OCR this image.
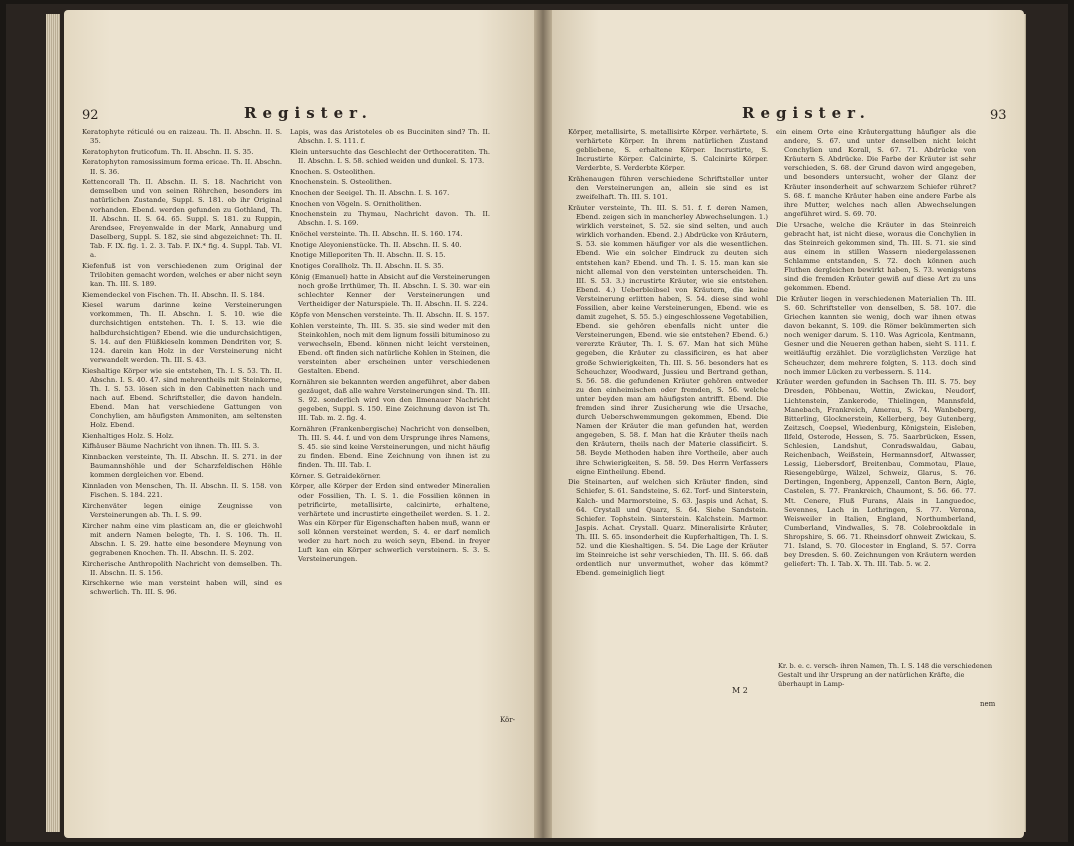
92	Register.

Keratophyte réticulé ou en raizeau. Th. II. Abschn. II. S. 35.

Keratophyton fruticofum. Th. II. Abschn. II. S. 35.

Keratophyton ramosissimum forma ericae. Th. II. Abschn. II. S. 36.

Kettencorall Th. II. Abschn. II. S. 18. Nachricht von demselben und von seinen Röhrchen, besonders im natürlichen Zustande, Suppl. S. 181. ob ihr Original vorhanden. Ebend. werden gefunden zu Gothland, Th. II. Abschn. II. S. 64. 65. Suppl. S. 181. zu Ruppin, Arendsee, Freyenwalde in der Mark, Annaburg und Daselberg, Suppl. S. 182, sie sind abgezeichnet: Th. II. Tab. F. IX. fig. 1. 2. 3. Tab. F. IX.* fig. 4. Suppl. Tab. VI. a.

Kiefenfuß ist von verschiedenen zum Original der Trilobiten gemacht worden, welches er aber nicht seyn kan. Th. III. S. 189.

Kiemendeckel von Fischen. Th. II. Abschn. II. S. 184.

Kiesel warum darinne keine Versteinerungen vorkommen, Th. II. Abschn. I. S. 10. wie die durchsichtigen entstehen. Th. I. S. 13. wie die halbdurchsichtigen? Ebend. wie die undurchsichtigen, S. 14. auf den Flüßkieseln kommen Dendriten vor, S. 124. darein kan Holz in der Versteinerung nicht verwandelt werden. Th. III. S. 43.

Kieshaltige Körper wie sie entstehen, Th. I. S. 53. Th. II. Abschn. I. S. 40. 47. sind mehrentheils mit Steinkerne, Th. I. S. 53. lösen sich in den Cabinetten nach und nach auf. Ebend. Schriftsteller, die davon handeln. Ebend. Man hat verschiedene Gattungen von Conchylien, am häufigsten Ammoniten, am seltensten Holz. Ebend.

Kienhaltiges Holz. S. Holz.

Kifhäuser Bäume Nachricht von ihnen. Th. III. S. 3.

Kinnbacken versteinte, Th. II. Abschn. II. S. 271. in der Baumannshöhle und der Scharzfeldischen Höhle kommen dergleichen vor. Ebend.

Kinnladen von Menschen, Th. II. Abschn. II. S. 158. von Fischen. S. 184. 221.

Kirchenväter legen einige Zeugnisse von Versteinerungen ab. Th. I. S. 99.

Kircher nahm eine vim plasticam an, die er gleichwohl mit andern Namen belegte, Th. I. S. 106. Th. II. Abschn. I. S. 29. hatte eine besondere Meynung von gegrabenen Knochen. Th. II. Abschn. II. S. 202.

Kircherische Anthropolith Nachricht von demselben. Th. II. Abschn. II. S. 156.

Kirschkerne wie man versteint haben will, sind es schwerlich. Th. III. S. 96.

Lapis, was das Aristoteles ob es Bucciniten sind? Th. II. Abschn. I. S. 111. f.

Klein untersuchte das Geschlecht der Orthoceratiten. Th. II. Abschn. I. S. 58. schied weiden und dunkel. S. 173.

Knochen. S. Osteolithen.

Knochenstein. S. Osteolithen.

Knochen der Seeigel. Th. II. Abschn. I. S. 167.

Knochen von Vögeln. S. Ornitholithen.

Knochenstein zu Thymau, Nachricht davon. Th. II. Abschn. I. S. 169.

Knöchel versteinte. Th. II. Abschn. II. S. 160. 174.

Knotige Aleyonienstücke. Th. II. Abschn. II. S. 40.

Knotige Milleporiten Th. II. Abschn. II. S. 15.

Knotiges Corallholz. Th. II. Abschn. II. S. 35.

König (Emanuel) hatte in Absicht auf die Versteinerungen noch große Irrthümer, Th. II. Abschn. I. S. 30. war ein schlechter Kenner der Versteinerungen und Vertheidiger der Naturspiele. Th. II. Abschn. II. S. 224.

Köpfe von Menschen versteinte. Th. II. Abschn. II. S. 157.

Kohlen versteinte, Th. III. S. 35. sie sind weder mit den Steinkohlen, noch mit dem lignum fossili bituminoso zu verwechseln, Ebend. können nicht leicht versteinen, Ebend. oft finden sich natürliche Kohlen in Steinen, die versteinten aber erscheinen unter verschiedenen Gestalten. Ebend.

Kornähren sie bekannten werden angeführet, aber daben gezäuget, daß alle wahre Versteinerungen sind. Th. III. S. 92. sonderlich wird von den Ilmenauer Nachricht gegeben, Suppl. S. 150. Eine Zeichnung davon ist Th. III. Tab. m. 2. fig. 4.

Kornähren (Frankenbergische) Nachricht von denselben, Th. III. S. 44. f. und von dem Ursprunge ihres Namens, S. 45. sie sind keine Versteinerungen, und nicht häufig zu finden. Ebend. Eine Zeichnung von ihnen ist zu finden. Th. III. Tab. I.

Körner. S. Getraidekörner.

Körper, alle Körper der Erden sind entweder Mineralien oder Fossilien, Th. I. S. 1. die Fossilien können in petrificirte, metallisirte, calcinirte, erhaltene, verhärtete und incrustirte eingetheilet werden. S. 1. 2. Was ein Körper für Eigenschaften haben muß, wann er soll können versteinet werden, S. 4. er darf nemlich weder zu hart noch zu weich seyn, Ebend. in freyer Luft kan ein Körper schwerlich versteinern. S. 3. S. Versteinerungen.

Kör-
Register.	93

Körper, metallisirte, S. metallisirte Körper. verhärtete, S. verhärtete Körper. In ihrem natürlichen Zustand gebliebene, S. erhaltene Körper. Incrustirte, S. Incrustirte Körper. Calcinirte, S. Calcinirte Körper. Verderbte, S. Verderbte Körper.

Krähenaugen führen verschiedene Schriftsteller unter den Versteinerungen an, allein sie sind es ist zweifelhaft. Th. III. S. 101.

Kräuter versteinte, Th. III. S. 51. f. f. deren Namen, Ebend. zeigen sich in mancherley Abwechselungen. 1.) wirklich versteinet, S. 52. sie sind selten, und auch wirklich vorhanden. Ebend. 2.) Abdrücke von Kräutern, S. 53. sie kommen häufiger vor als die wesentlichen. Ebend. Wie ein solcher Eindruck zu deuten sich entstehen kan? Ebend. und Th. I. S. 15. man kan sie nicht allemal von den versteinten unterscheiden. Th. III. S. 53. 3.) incrustirte Kräuter, wie sie entstehen. Ebend. 4.) Ueberbleibsel von Kräutern, die keine Versteinerung erlitten haben, S. 54. diese sind wohl Fossilien, aber keine Versteinerungen, Ebend. wie es damit zugehet, S. 55. 5.) eingeschlossene Vegetabilien, Ebend. sie gehören ebenfalls nicht unter die Versteinerungen, Ebend. wie sie entstehen? Ebend. 6.) vererzte Kräuter, Th. I. S. 67. Man hat sich Mühe gegeben, die Kräuter zu classificiren, es hat aber große Schwierigkeiten, Th. III. S. 56. besonders hat es Scheuchzer, Woodward, Jussieu und Bertrand gethan, S. 56. 58. die gefundenen Kräuter gehören entweder zu den einheimischen oder fremden, S. 56. welche unter beyden man am häufigsten antrifft. Ebend. Die fremden sind ihrer Zusicherung wie die Ursache, durch Ueberschwemmungen gekommen, Ebend. Die Namen der Kräuter die man gefunden hat, werden angegeben, S. 58. f. Man hat die Kräuter theils nach den Kräutern, theils nach der Materie classificirt. S. 58. Beyde Methoden haben ihre Vortheile, aber auch ihre Schwierigkeiten, S. 58. 59. Des Herrn Verfassers eigne Eintheilung. Ebend.

Die Steinarten, auf welchen sich Kräuter finden, sind Schiefer, S. 61. Sandsteine, S. 62. Torf- und Sinterstein, Kalch- und Marmorsteine, S. 63. Jaspis und Achat, S. 64. Crystall und Quarz, S. 64. Siehe Sandstein. Schiefer. Tophstein. Sinterstein. Kalchstein. Marmor. Jaspis. Achat. Crystall. Quarz. Mineralisirte Kräuter, Th. III. S. 65. insonderheit die Kupferhaltigen, Th. I. S. 52. und die Kieshaltigen. S. 54. Die Lage der Kräuter im Steinreiche ist sehr verschieden, Th. III. S. 66. daß ordentlich nur unvermuthet, woher das kömmt? Ebend. gemeiniglich liegt

ein einem Orte eine Kräutergattung häufiger als die andere, S. 67. und unter denselben nicht leicht Conchylien und Korall, S. 67. 71. Abdrücke von Kräutern S. Abdrücke. Die Farbe der Kräuter ist sehr verschieden, S. 68. der Grund davon wird angegeben, und besonders untersucht, woher der Glanz der Kräuter insonderheit auf schwarzem Schiefer rühret? S. 68. f. manche Kräuter haben eine andere Farbe als ihre Mutter, welches nach allen Abwechselungen angeführet wird. S. 69. 70.

Die Ursache, welche die Kräuter in das Steinreich gebracht hat, ist nicht diese, woraus die Conchylien in das Steinreich gekommen sind, Th. III. S. 71. sie sind aus einem in stillen Wassern niedergelassenen Schlamme entstanden, S. 72. doch können auch Fluthen dergleichen bewirkt haben, S. 73. wenigstens sind die fremden Kräuter gewiß auf diese Art zu uns gekommen. Ebend.

Die Kräuter liegen in verschiedenen Materialien Th. III. S. 60. Schriftsteller von denselben, S. 58. 107. die Griechen kannten sie wenig, doch war ihnen etwas davon bekannt, S. 109. die Römer bekümmerten sich noch weniger darum. S. 110. Was Agricola, Kentmann, Gesner und die Neueren gethan haben, sieht S. 111. f. weitläuftig erzählet. Die vorzüglichsten Verzüge hat Scheuchzer, dem mehrere folgten, S. 113. doch sind noch immer Lücken zu verbessern. S. 114.

Kräuter werden gefunden in Sachsen Th. III. S. 75. bey Dresden, Pöbbenau, Wettin, Zwickau, Neudorf, Lichtenstein, Zankerode, Thielingen, Mannsfeld, Manebach, Frankreich, Amerau, S. 74. Wanbeberg, Bitterling, Glocknerstein, Kellerberg, bey Gutenberg, Zeitzsch, Coepsel, Wiedenburg, Königstein, Eisleben, Ilfeld, Osterode, Hessen, S. 75. Saarbrücken, Essen, Schlesien, Landshut, Conradswaldau, Gabau, Reichenbach, Weißstein, Hermannsdorf, Altwasser, Lessig, Liebersdorf, Breitenbau, Commotau, Plaue, Riesengebürge, Wälzel, Schweiz, Glarus, S. 76. Dertingen, Ingenberg, Appenzell, Canton Bern, Aigle, Castelen, S. 77. Frankreich, Chaumont, S. 56. 66. 77. Mt. Cenere, Fluß Furans, Alais in Languedoc, Sevennes, Lach in Lothringen, S. 77. Verona, Weisweiler in Italien, England, Northumberland, Cumberland, Vindwalles, S. 78. Colebrookdale in Shropshire, S. 66. 71. Rheinsdorf ohnweit Zwickau, S. 71. Island, S. 70. Glocester in England, S. 57. Corra bey Dresden. S. 60. Zeichnungen von Kräutern werden geliefert: Th. I. Tab. X. Th. III. Tab. 5. w. 2.

Kr. b. e. c. versch- ihren Namen, Th. I. S. 148 die verschiedenen Gestalt und ihr Ursprung an der natürlichen Kräfte, die überhaupt in Lamp-
M 2
nem
